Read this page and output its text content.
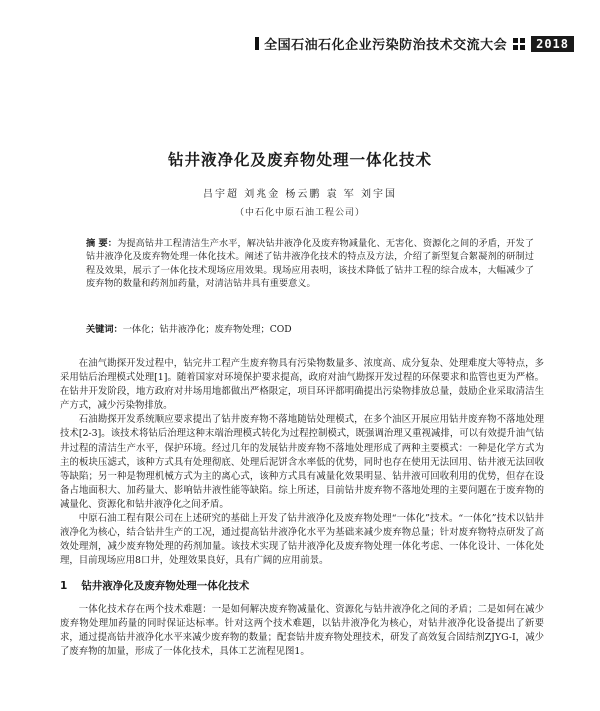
全国石油石化企业污染防治技术交流大会	2018
钻井液净化及废弃物处理一体化技术
吕宇超 刘兆金 杨云鹏 袁 军 刘宇国
（中石化中原石油工程公司）
摘 要：为提高钻井工程清洁生产水平，解决钻井液净化及废弃物减量化、无害化、资源化之间的矛盾，开发了钻井液净化及废弃物处理一体化技术。阐述了钻井液净化技术的特点及方法，介绍了新型复合絮凝剂的研制过程及效果，展示了一体化技术现场应用效果。现场应用表明，该技术降低了钻井工程的综合成本，大幅减少了废弃物的数量和药剂加药量，对清洁钻井具有重要意义。
关键词：一体化；钻井液净化；废弃物处理；COD

在油气勘探开发过程中，钻完井工程产生废弃物具有污染物数量多、浓度高、成分复杂、处理难度大等特点，多采用钻后治理模式处理[1]。随着国家对环境保护要求提高，政府对油气勘探开发过程的环保要求和监管也更为严格。在钻井开发阶段，地方政府对井场用地都做出严格限定，项目环评都明确提出污染物排放总量，鼓励企业采取清洁生产方式，减少污染物排放。

石油勘探开发系统顺应要求提出了钻井废弃物不落地随钻处理模式，在多个油区开展应用钻井废弃物不落地处理技术[2-3]。该技术将钻后治理这种末端治理模式转化为过程控制模式，既强调治理又重视减排，可以有效提升油气钻井过程的清洁生产水平，保护环境。经过几年的发展钻井废弃物不落地处理形成了两种主要模式：一种是化学方式为主的板块压滤式，该种方式具有处理彻底、处理后泥饼含水率低的优势，同时也存在使用无法回用、钻井液无法回收等缺陷；另一种是物理机械方式为主的离心式，该种方式具有减量化效果明显、钻井液可回收利用的优势，但存在设备占地面积大、加药量大、影响钻井液性能等缺陷。综上所述，目前钻井废弃物不落地处理的主要问题在于废弃物的减量化、资源化和钻井液净化之间矛盾。

中原石油工程有限公司在上述研究的基础上开发了钻井液净化及废弃物处理“一体化”技术。“一体化”技术以钻井液净化为核心，结合钻井生产的工况，通过提高钻井液净化水平为基础来减少废弃物总量；针对废弃物特点研发了高效处理剂，减少废弃物处理的药剂加量。该技术实现了钻井液净化及废弃物处理一体化考虑、一体化设计、一体化处理，目前现场应用8口井，处理效果良好，具有广阔的应用前景。

1 钻井液净化及废弃物处理一体化技术

一体化技术存在两个技术难题：一是如何解决废弃物减量化、资源化与钻井液净化之间的矛盾；二是如何在减少废弃物处理加药量的同时保证达标率。针对这两个技术难题，以钻井液净化为核心，对钻井液净化设备提出了新要求，通过提高钻井液净化水平来减少废弃物的数量；配套钻井废弃物处理技术，研发了高效复合固结剂ZJYG-Ⅰ，减少了废弃物的加量，形成了一体化技术，具体工艺流程见图1。
